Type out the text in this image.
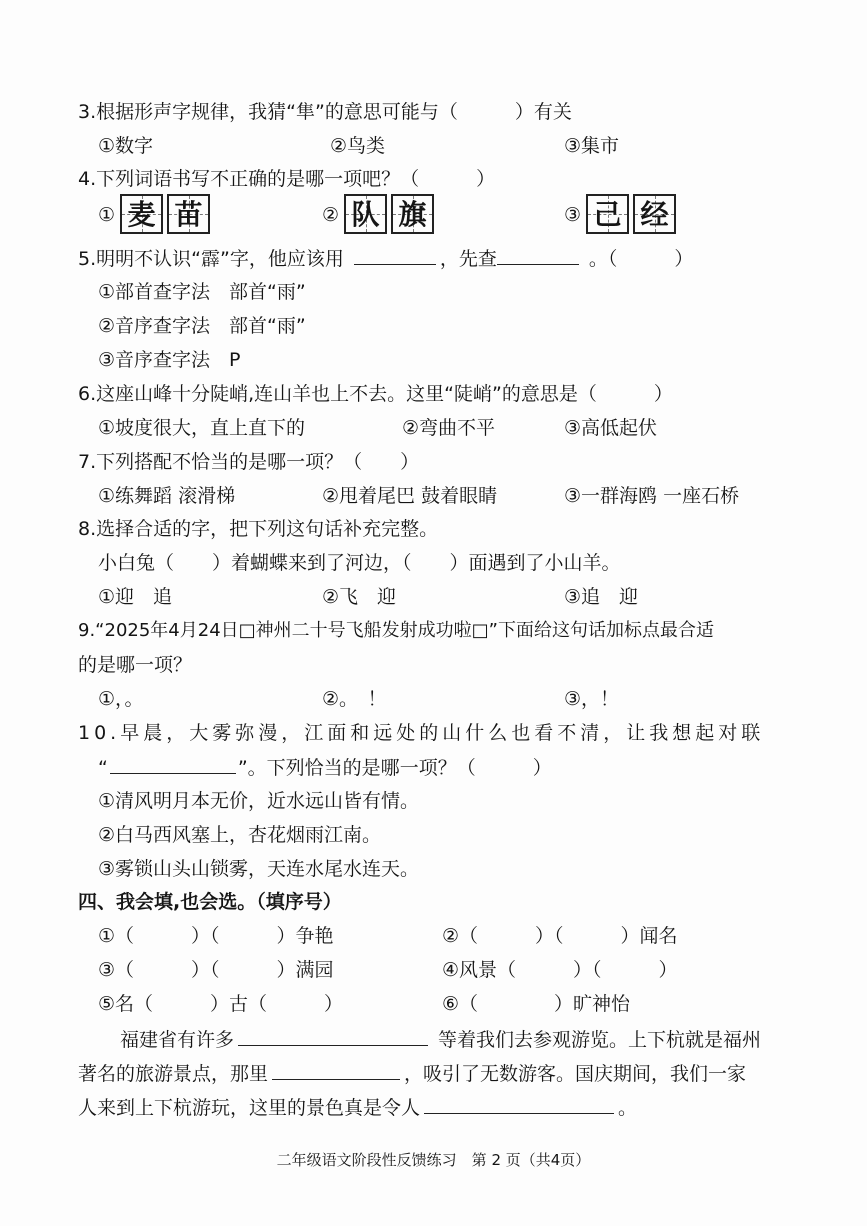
3.根据形声字规律，我猜“隼”的意思可能与（　　　）有关
①数字	②鸟类	③集市
4.下列词语书写不正确的是哪一项吧？（　　　）
① 麦 苗	② 队 旗	③ 己 经
5.明明不认识“霹”字，他应该用	，先查	。（　　　）
①部首查字法　部首“雨”
②音序查字法　部首“雨”
③音序查字法　P
6.这座山峰十分陡峭,连山羊也上不去。这里“陡峭”的意思是（　　　）
①坡度很大，直上直下的	②弯曲不平	③高低起伏
7.下列搭配不恰当的是哪一项？（　　）
①练舞蹈 滚滑梯	②甩着尾巴 鼓着眼睛	③一群海鸥 一座石桥
8.选择合适的字，把下列这句话补充完整。
小白兔（　　）着蝴蝶来到了河边，（　　）面遇到了小山羊。
①迎　追	②飞　迎	③追　迎
9.“2025年4月24日□神州二十号飞船发射成功啦□”下面给这句话加标点最合适
的是哪一项？
①，。	②。　！	③，！
10.早晨，大雾弥漫，江面和远处的山什么也看不清，让我想起对联
“	”。下列恰当的是哪一项？（　　　）
①清风明月本无价，近水远山皆有情。
②白马西风塞上，杏花烟雨江南。
③雾锁山头山锁雾，天连水尾水连天。
四、我会填,也会选。（填序号）
①（　　　）（　　　）争艳	②（　　　）（　　　）闻名
③（　　　）（　　　）满园	④风景（　　　）（　　　）
⑤名（　　　）古（　　　）	⑥（　　　　）旷神怡
福建省有许多	等着我们去参观游览。上下杭就是福州
著名的旅游景点，那里	，吸引了无数游客。国庆期间，我们一家
人来到上下杭游玩，这里的景色真是令人	。
二年级语文阶段性反馈练习　第 2 页（共4页）
